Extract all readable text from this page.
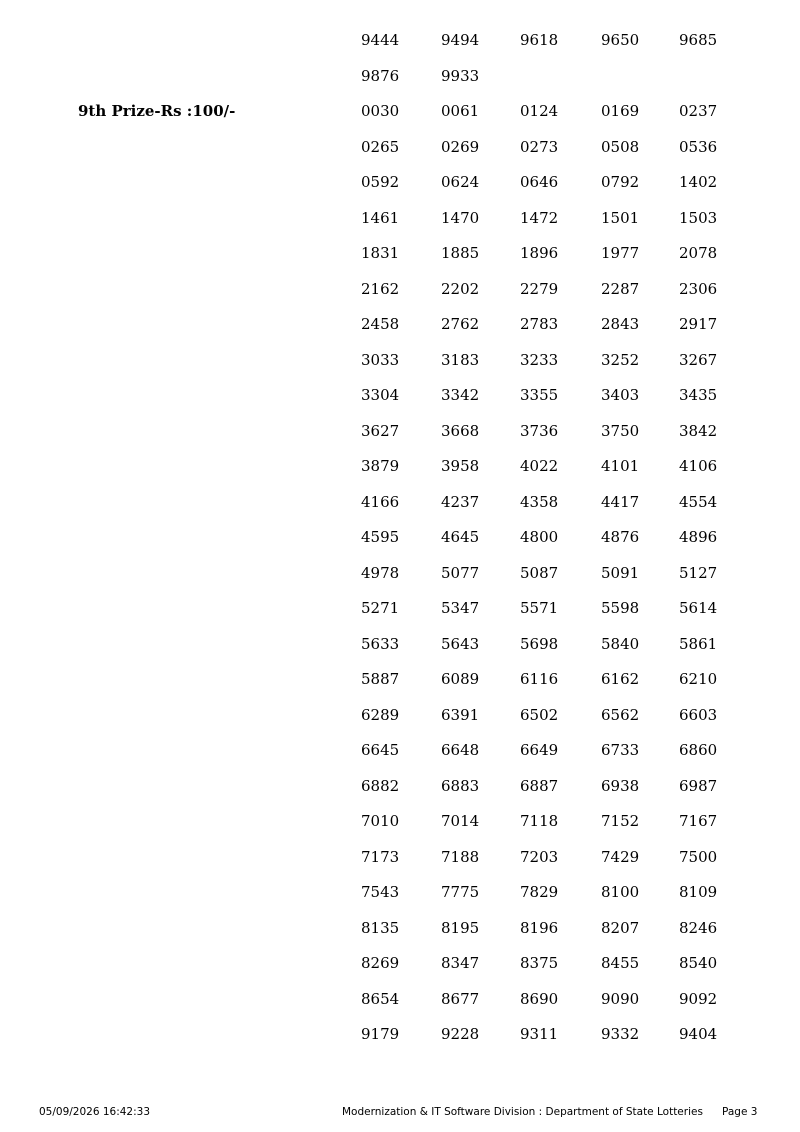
9th Prize-Rs :100/-
9444	9494	9618	9650	9685
9876	9933
0030	0061	0124	0169	0237
0265	0269	0273	0508	0536
0592	0624	0646	0792	1402
1461	1470	1472	1501	1503
1831	1885	1896	1977	2078
2162	2202	2279	2287	2306
2458	2762	2783	2843	2917
3033	3183	3233	3252	3267
3304	3342	3355	3403	3435
3627	3668	3736	3750	3842
3879	3958	4022	4101	4106
4166	4237	4358	4417	4554
4595	4645	4800	4876	4896
4978	5077	5087	5091	5127
5271	5347	5571	5598	5614
5633	5643	5698	5840	5861
5887	6089	6116	6162	6210
6289	6391	6502	6562	6603
6645	6648	6649	6733	6860
6882	6883	6887	6938	6987
7010	7014	7118	7152	7167
7173	7188	7203	7429	7500
7543	7775	7829	8100	8109
8135	8195	8196	8207	8246
8269	8347	8375	8455	8540
8654	8677	8690	9090	9092
9179	9228	9311	9332	9404
05/09/2026 16:42:33	Modernization & IT Software Division : Department of State Lotteries Page 3
